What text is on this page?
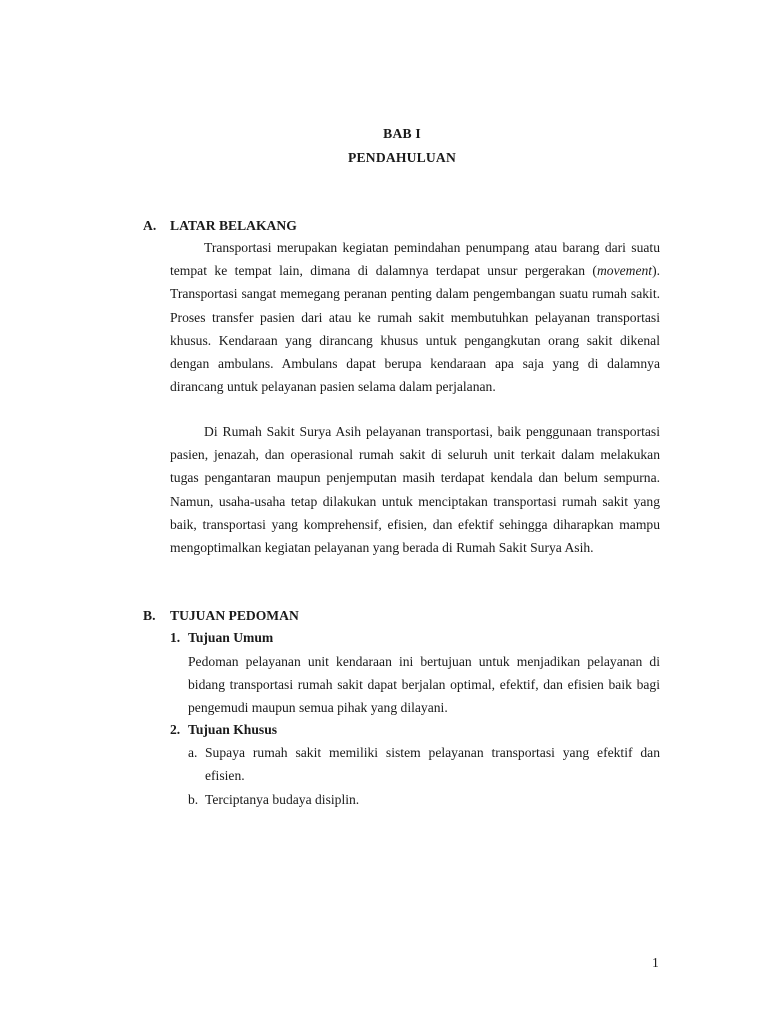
BAB I
PENDAHULUAN
A.	LATAR BELAKANG
Transportasi merupakan kegiatan pemindahan penumpang atau barang dari suatu tempat ke tempat lain, dimana di dalamnya terdapat unsur pergerakan (movement). Transportasi sangat memegang peranan penting dalam pengembangan suatu rumah sakit. Proses transfer pasien dari atau ke rumah sakit membutuhkan pelayanan transportasi khusus. Kendaraan yang dirancang khusus untuk pengangkutan orang sakit dikenal dengan ambulans. Ambulans dapat berupa kendaraan apa saja yang di dalamnya dirancang untuk pelayanan pasien selama dalam perjalanan.
Di Rumah Sakit Surya Asih pelayanan transportasi, baik penggunaan transportasi pasien, jenazah, dan operasional rumah sakit di seluruh unit terkait dalam melakukan tugas pengantaran maupun penjemputan masih terdapat kendala dan belum sempurna. Namun, usaha-usaha tetap dilakukan untuk menciptakan transportasi rumah sakit yang baik, transportasi yang komprehensif, efisien, dan efektif sehingga diharapkan mampu mengoptimalkan kegiatan pelayanan yang berada di Rumah Sakit Surya Asih.
B.	TUJUAN PEDOMAN
1. Tujuan Umum
Pedoman pelayanan unit kendaraan ini bertujuan untuk menjadikan pelayanan di bidang transportasi rumah sakit dapat berjalan optimal, efektif, dan efisien baik bagi pengemudi maupun semua pihak yang dilayani.
2. Tujuan Khusus
a. Supaya rumah sakit memiliki sistem pelayanan transportasi yang efektif dan efisien.
b. Terciptanya budaya disiplin.
1
